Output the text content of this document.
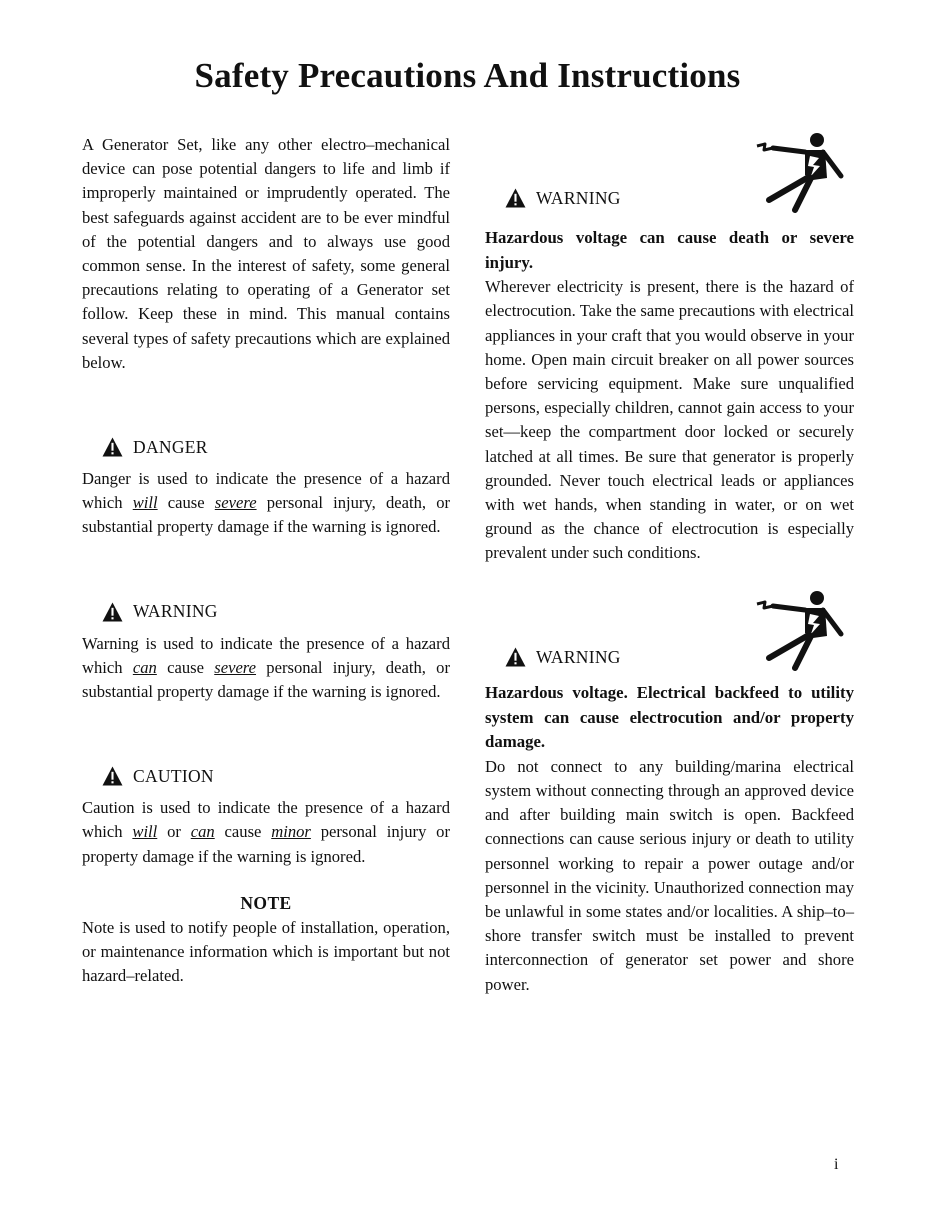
Safety Precautions And Instructions

A Generator Set, like any other electro–mechanical device can pose potential dangers to life and limb if improperly maintained or imprudently operated. The best safeguards against accident are to be ever mindful of the potential dangers and to always use good common sense. In the interest of safety, some general precautions relating to operating of a Generator set follow. Keep these in mind. This manual contains several types of safety precautions which are explained below.

DANGER

Danger is used to indicate the presence of a hazard which will cause severe personal injury, death, or substantial property damage if the warning is ignored.

WARNING

Warning is used to indicate the presence of a hazard which can cause severe personal injury, death, or substantial property damage if the warning is ignored.

CAUTION

Caution is used to indicate the presence of a hazard which will or can cause minor personal injury or property damage if the warning is ignored.

NOTE

Note is used to notify people of installation, operation, or maintenance information which is important but not hazard–related.

WARNING

Hazardous voltage can cause death or severe injury.

Wherever electricity is present, there is the hazard of electrocution. Take the same precautions with electrical appliances in your craft that you would observe in your home. Open main circuit breaker on all power sources before servicing equipment. Make sure unqualified persons, especially children, cannot gain access to your set—keep the compartment door locked or securely latched at all times. Be sure that generator is properly grounded. Never touch electrical leads or appliances with wet hands, when standing in water, or on wet ground as the chance of electrocution is especially prevalent under such conditions.

WARNING

Hazardous voltage. Electrical backfeed to utility system can cause electrocution and/or property damage.

Do not connect to any building/marina electrical system without connecting through an approved device and after building main switch is open. Backfeed connections can cause serious injury or death to utility personnel working to repair a power outage and/or personnel in the vicinity. Unauthorized connection may be unlawful in some states and/or localities. A ship–to–shore transfer switch must be installed to prevent interconnection of generator set power and shore power.

i
